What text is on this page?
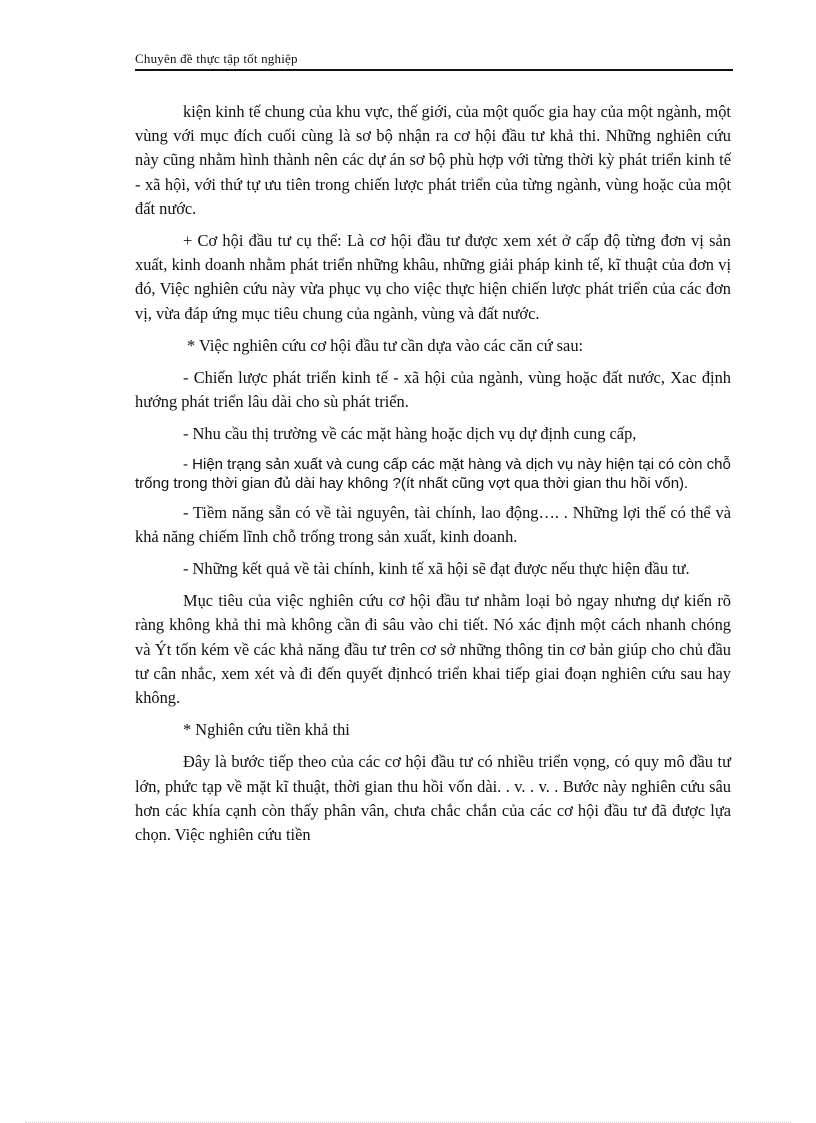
Chuyên đề thực tập tốt nghiệp

kiện kinh tế chung của khu vực, thế giới, của một quốc gia hay của một ngành, một vùng với mục đích cuối cùng là sơ bộ nhận ra cơ hội đầu tư khả thi. Những nghiên cứu này cũng nhằm hình thành nên các dự án sơ bộ phù hợp với từng thời kỳ phát triển kinh tế - xã hội, với thứ tự ưu tiên trong chiến lược phát triển của từng ngành, vùng hoặc của một đất nước.

+ Cơ hội đầu tư cụ thể: Là cơ hội đầu tư được xem xét ở cấp độ từng đơn vị sản xuất, kinh doanh nhằm phát triển những khâu, những giải pháp kinh tế, kĩ thuật của đơn vị đó, Việc nghiên cứu này vừa phục vụ cho việc thực hiện chiến lược phát triển của các đơn vị, vừa đáp ứng mục tiêu chung của ngành, vùng và đất nước.

* Việc nghiên cứu cơ hội đầu tư cần dựa vào các căn cứ sau:

- Chiến lược phát triển kinh tế - xã hội của ngành, vùng hoặc đất nước, Xac định hướng phát triển lâu dài cho sù phát triển.

- Nhu cầu thị trường về các mặt hàng hoặc dịch vụ dự định cung cấp,

- Hiện trạng sản xuất và cung cấp các mặt hàng và dịch vụ này hiện tại có còn chỗ trống trong thời gian đủ dài hay không ?(ít nhất cũng vợt qua thời gian thu hồi vốn).

- Tiềm năng sẵn có về tài nguyên, tài chính, lao động…. . Những lợi thế có thể và khả năng chiếm lĩnh chỗ trống trong sản xuất, kinh doanh.

- Những kết quả về tài chính, kinh tế xã hội sẽ đạt được nếu thực hiện đầu tư.

Mục tiêu của việc nghiên cứu cơ hội đầu tư nhằm loại bỏ ngay nhưng dự kiến rõ ràng không khả thi mà không cần đi sâu vào chi tiết. Nó xác định một cách nhanh chóng và Ýt tốn kém về các khả năng đầu tư trên cơ sở những thông tin cơ bản giúp cho chủ đầu tư cân nhắc, xem xét và đi đến quyết địnhcó triển khai tiếp giai đoạn nghiên cứu sau hay không.

* Nghiên cứu tiền khả thi

Đây là bước tiếp theo của các cơ hội đầu tư có nhiều triển vọng, có quy mô đầu tư lớn, phức tạp về mặt kĩ thuật, thời gian thu hồi vốn dài. . v. . v. . Bước này nghiên cứu sâu hơn các khía cạnh còn thấy phân vân, chưa chắc chắn của các cơ hội đầu tư đã được lựa chọn. Việc nghiên cứu tiền
